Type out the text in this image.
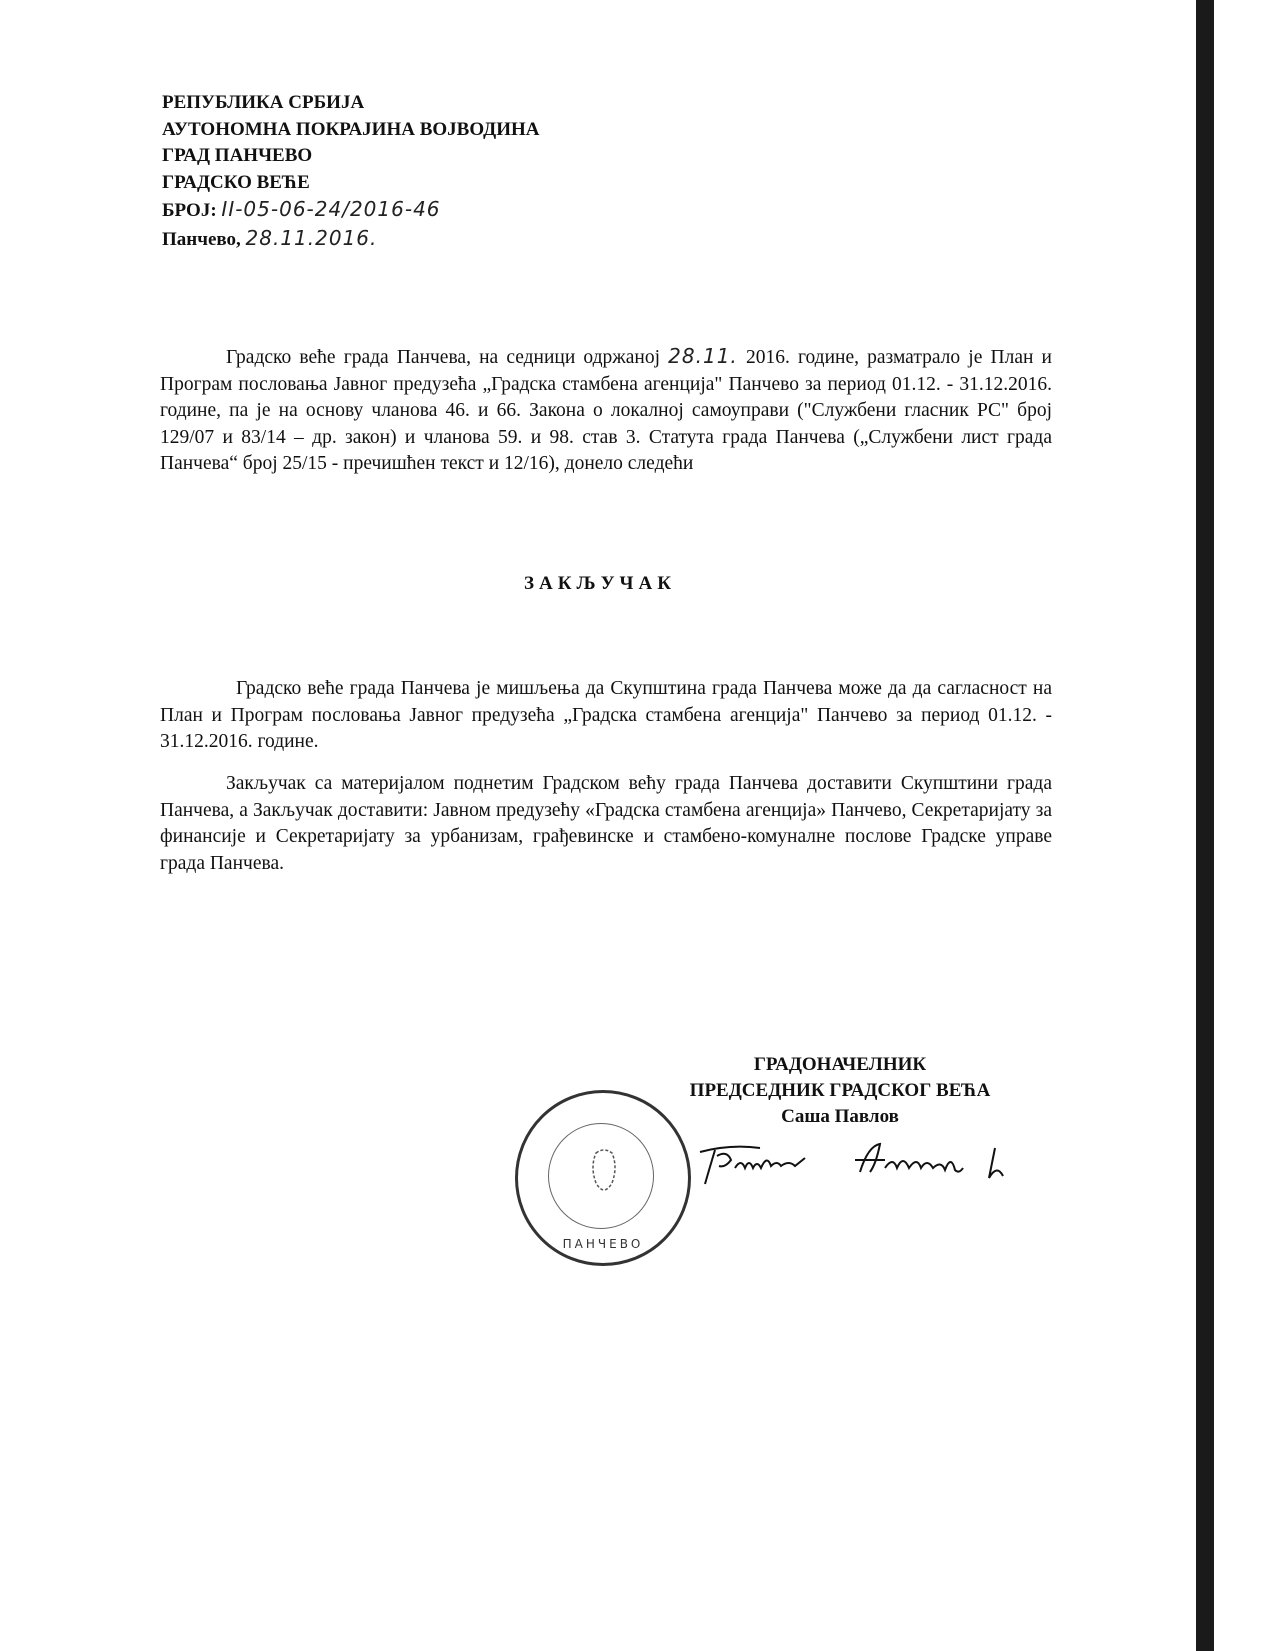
РЕПУБЛИКА СРБИЈА
АУТОНОМНА ПОКРАЈИНА ВОЈВОДИНА
ГРАД ПАНЧЕВО
ГРАДСКО ВЕЋЕ
БРОЈ: II-05-06-24/2016-46
Панчево, 28.11.2016.
Градско веће града Панчева, на седници одржаној 28.11. 2016. године, разматрало је План и Програм пословања Јавног предузећа „Градска стамбена агенција" Панчево за период 01.12. - 31.12.2016. године, па је на основу чланова 46. и 66. Закона о локалној самоуправи ("Службени гласник РС" број 129/07 и 83/14 – др. закон) и чланова 59. и 98. став 3. Статута града Панчева („Службени лист града Панчева“ број 25/15 - пречишћен текст и 12/16), донело следећи
ЗАКЉУЧАК
Градско веће града Панчева је мишљења да Скупштина града Панчева може да да сагласност на План и Програм пословања Јавног предузећа „Градска стамбена агенција" Панчево за период 01.12. - 31.12.2016. године.
Закључак са материјалом поднетим Градском већу града Панчева доставити Скупштини града Панчева, а Закључак доставити: Јавном предузећу «Градска стамбена агенција» Панчево, Секретаријату за финансије и Секретаријату за урбанизам, грађевинске и стамбено-комуналне послове Градске управе града Панчева.
ГРАДОНАЧЕЛНИК
ПРЕДСЕДНИК ГРАДСКОГ ВЕЋА
Саша Павлов
ПАНЧЕВО
